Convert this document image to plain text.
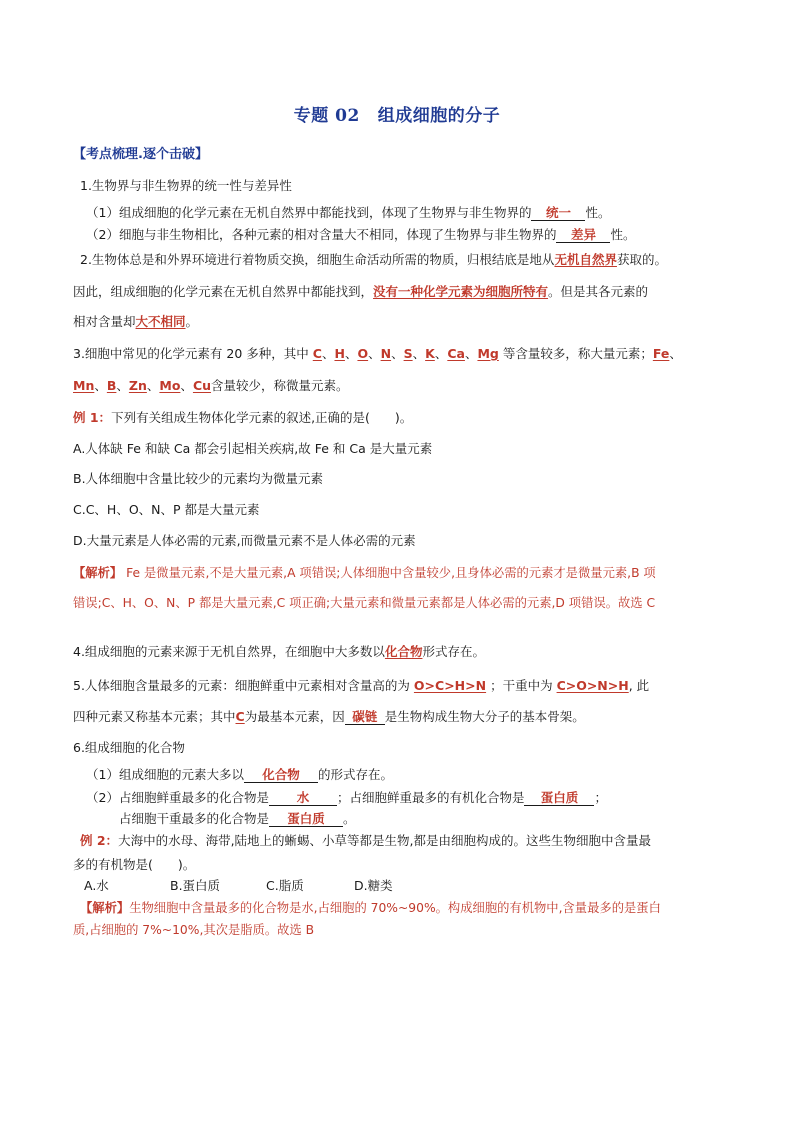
专题 02 组成细胞的分子
【考点梳理.逐个击破】
1.生物界与非生物界的统一性与差异性
（1）组成细胞的化学元素在无机自然界中都能找到，体现了生物界与非生物界的 统一 性。
（2）细胞与非生物相比，各种元素的相对含量大不相同，体现了生物界与非生物界的 差异 性。
2.生物体总是和外界环境进行着物质交换，细胞生命活动所需的物质，归根结底是地从无机自然界获取的。
因此，组成细胞的化学元素在无机自然界中都能找到，没有一种化学元素为细胞所特有。但是其各元素的
相对含量却大不相同。
3.细胞中常见的化学元素有 20 多种，其中 C、H、O、N、S、K、Ca、Mg 等含量较多，称大量元素；Fe、
Mn、B、Zn、Mo、Cu含量较少，称微量元素。
例 1：下列有关组成生物体化学元素的叙述,正确的是(　　)。
A.人体缺 Fe 和缺 Ca 都会引起相关疾病,故 Fe 和 Ca 是大量元素
B.人体细胞中含量比较少的元素均为微量元素
C.C、H、O、N、P 都是大量元素
D.大量元素是人体必需的元素,而微量元素不是人体必需的元素
【解析】 Fe 是微量元素,不是大量元素,A 项错误;人体细胞中含量较少,且身体必需的元素才是微量元素,B 项
错误;C、H、O、N、P 都是大量元素,C 项正确;大量元素和微量元素都是人体必需的元素,D 项错误。故选 C
4.组成细胞的元素来源于无机自然界，在细胞中大多数以化合物形式存在。
5.人体细胞含量最多的元素：细胞鲜重中元素相对含量高的为 O>C>H>N ；干重中为 C>O>N>H, 此
四种元素又称基本元素；其中C为最基本元素，因 碳链 是生物构成生物大分子的基本骨架。
6.组成细胞的化合物
（1）组成细胞的元素大多以 化合物 的形式存在。
（2）占细胞鲜重最多的化合物是 水 ；占细胞鲜重最多的有机化合物是 蛋白质 ；
占细胞干重最多的化合物是 蛋白质 。
例 2：大海中的水母、海带,陆地上的蜥蜴、小草等都是生物,都是由细胞构成的。这些生物细胞中含量最
多的有机物是(　　)。
A.水	B.蛋白质	C.脂质	D.糖类
【解析】生物细胞中含量最多的化合物是水,占细胞的 70%~90%。构成细胞的有机物中,含量最多的是蛋白
质,占细胞的 7%~10%,其次是脂质。故选 B
